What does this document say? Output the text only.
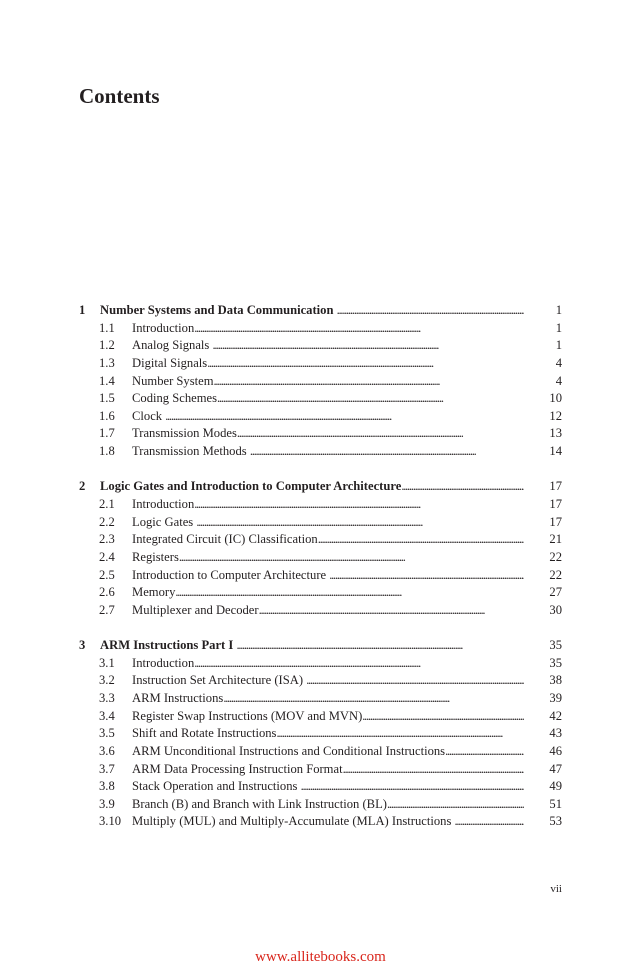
Contents
1 Number Systems and Data Communication . . .	1
1.1 Introduction . . .	1
1.2 Analog Signals . . .	1
1.3 Digital Signals . . .	4
1.4 Number System . . .	4
1.5 Coding Schemes . . .	10
1.6 Clock . . .	12
1.7 Transmission Modes . . .	13
1.8 Transmission Methods . . .	14
2 Logic Gates and Introduction to Computer Architecture . . .	17
2.1 Introduction . . .	17
2.2 Logic Gates . . .	17
2.3 Integrated Circuit (IC) Classification . . .	21
2.4 Registers . . .	22
2.5 Introduction to Computer Architecture . . .	22
2.6 Memory . . .	27
2.7 Multiplexer and Decoder . . .	30
3 ARM Instructions Part I . . .	35
3.1 Introduction . . .	35
3.2 Instruction Set Architecture (ISA) . . .	38
3.3 ARM Instructions . . .	39
3.4 Register Swap Instructions (MOV and MVN) . . .	42
3.5 Shift and Rotate Instructions . . .	43
3.6 ARM Unconditional Instructions and Conditional Instructions . . .	46
3.7 ARM Data Processing Instruction Format . . .	47
3.8 Stack Operation and Instructions . . .	49
3.9 Branch (B) and Branch with Link Instruction (BL) . . .	51
3.10 Multiply (MUL) and Multiply-Accumulate (MLA) Instructions . . .	53
vii
www.allitebooks.com
